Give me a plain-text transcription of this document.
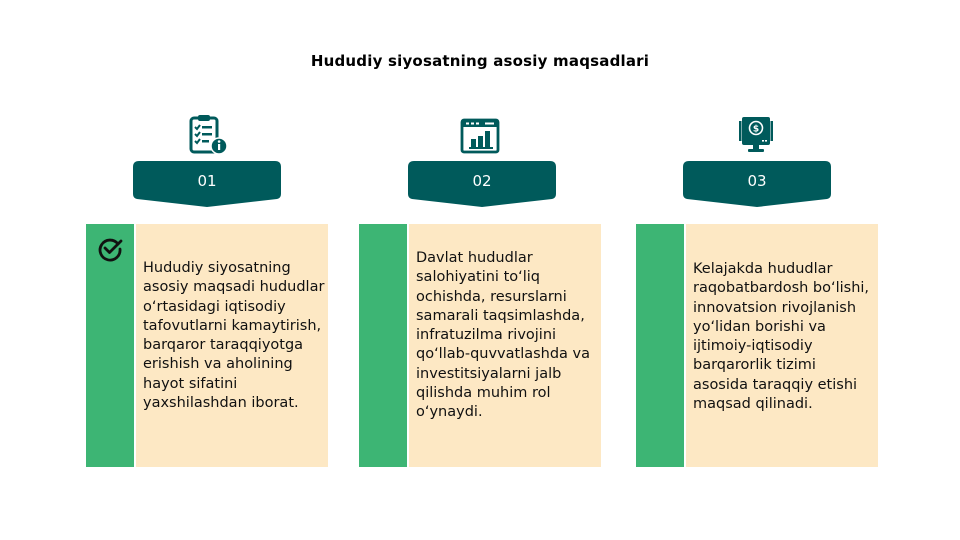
Hududiy siyosatning asosiy maqsadlari
01
Hududiy siyosatning asosiy maqsadi hududlar o‘rtasidagi iqtisodiy tafovutlarni kamaytirish, barqaror taraqqiyotga erishish va aholining hayot sifatini yaxshilashdan iborat.
02
Davlat hududlar salohiyatini to‘liq ochishda, resurslarni samarali taqsimlashda, infratuzilma rivojini qo‘llab-quvvatlashda va investitsiyalarni jalb qilishda muhim rol o‘ynaydi.
$
03
Kelajakda hududlar raqobatbardosh bo‘lishi, innovatsion rivojlanish yo‘lidan borishi va ijtimoiy-iqtisodiy barqarorlik tizimi asosida taraqqiy etishi maqsad qilinadi.
